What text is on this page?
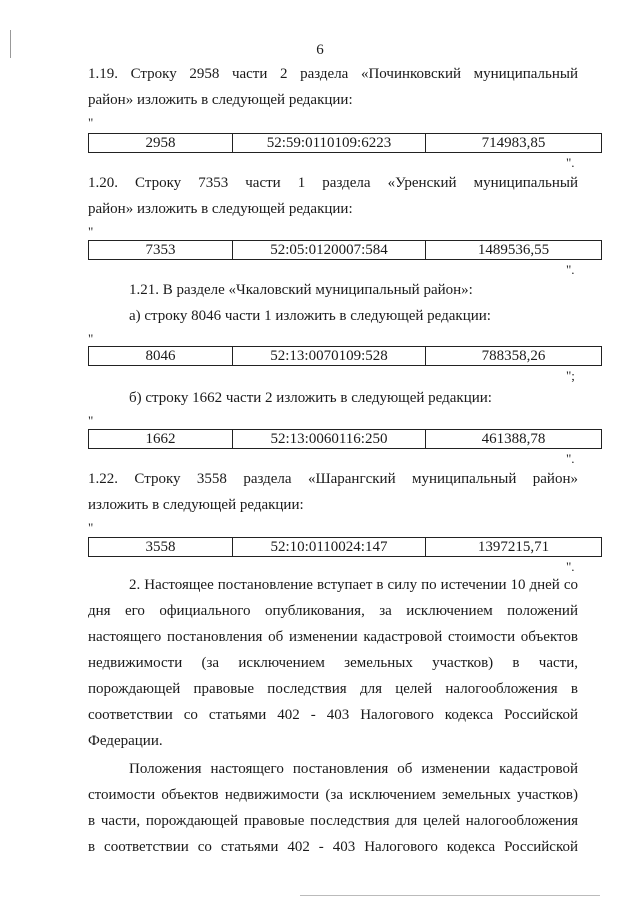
6
1.19. Строку 2958 части 2 раздела «Починковский муниципальный
район» изложить в следующей редакции:
"
2958	52:59:0110109:6223	714983,85
".
1.20. Строку 7353 части 1 раздела «Уренский муниципальный
район» изложить в следующей редакции:
"
7353	52:05:0120007:584	1489536,55
".
1.21. В разделе «Чкаловский муниципальный район»:
а) строку 8046 части 1 изложить в следующей редакции:
"
8046	52:13:0070109:528	788358,26
";
б) строку 1662 части 2 изложить в следующей редакции:
"
1662	52:13:0060116:250	461388,78
".
1.22. Строку 3558 раздела «Шарангский муниципальный район»
изложить в следующей редакции:
"
3558	52:10:0110024:147	1397215,71
".
2. Настоящее постановление вступает в силу по истечении 10 дней со
дня его официального опубликования, за исключением положений
настоящего постановления об изменении кадастровой стоимости объектов
недвижимости (за исключением земельных участков) в части,
порождающей правовые последствия для целей налогообложения в
соответствии со статьями 402 - 403 Налогового кодекса Российской
Федерации.
Положения настоящего постановления об изменении кадастровой
стоимости объектов недвижимости (за исключением земельных участков)
в части, порождающей правовые последствия для целей налогообложения
в соответствии со статьями 402 - 403 Налогового кодекса Российской
